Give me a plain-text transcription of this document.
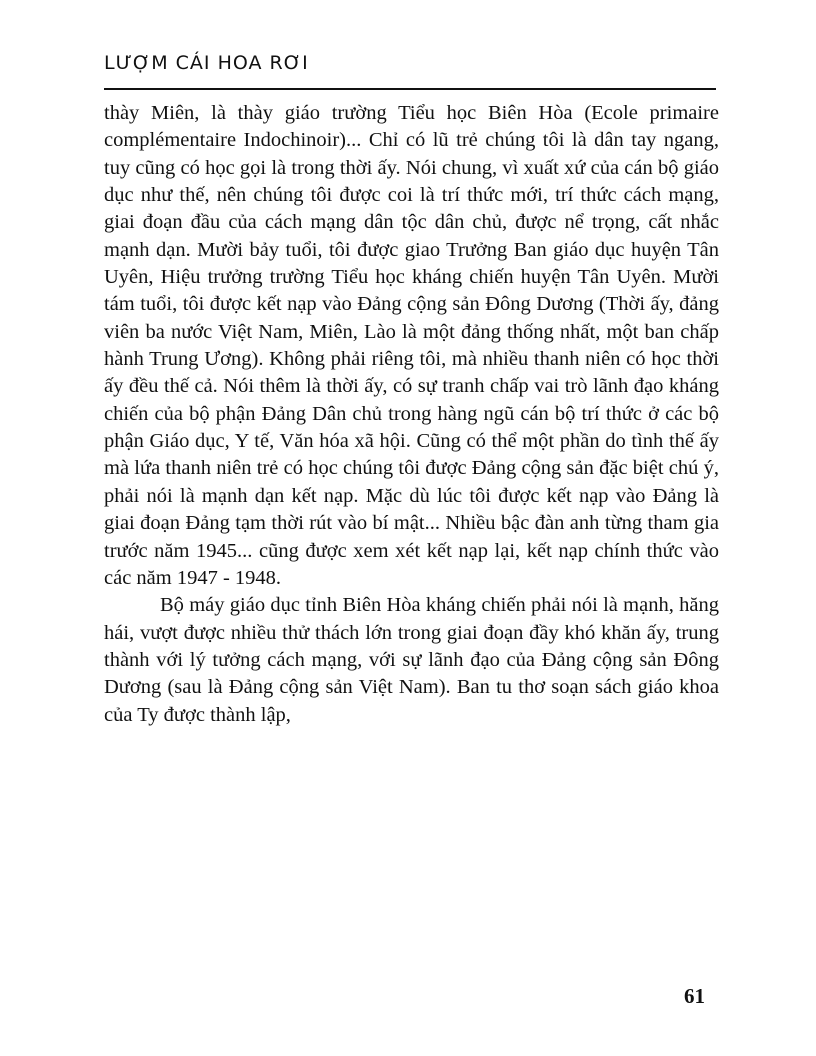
LƯỢM CÁI HOA RƠI

thày Miên, là thày giáo trường Tiểu học Biên Hòa (Ecole primaire complémentaire Indochinoir)... Chỉ có lũ trẻ chúng tôi là dân tay ngang, tuy cũng có học gọi là trong thời ấy. Nói chung, vì xuất xứ của cán bộ giáo dục như thế, nên chúng tôi được coi là trí thức mới, trí thức cách mạng, giai đoạn đầu của cách mạng dân tộc dân chủ, được nể trọng, cất nhắc mạnh dạn. Mười bảy tuổi, tôi được giao Trưởng Ban giáo dục huyện Tân Uyên, Hiệu trưởng trường Tiểu học kháng chiến huyện Tân Uyên. Mười tám tuổi, tôi được kết nạp vào Đảng cộng sản Đông Dương (Thời ấy, đảng viên ba nước Việt Nam, Miên, Lào là một đảng thống nhất, một ban chấp hành Trung Ương). Không phải riêng tôi, mà nhiều thanh niên có học thời ấy đều thế cả. Nói thêm là thời ấy, có sự tranh chấp vai trò lãnh đạo kháng chiến của bộ phận Đảng Dân chủ trong hàng ngũ cán bộ trí thức ở các bộ phận Giáo dục, Y tế, Văn hóa xã hội. Cũng có thể một phần do tình thế ấy mà lứa thanh niên trẻ có học chúng tôi được Đảng cộng sản đặc biệt chú ý, phải nói là mạnh dạn kết nạp. Mặc dù lúc tôi được kết nạp vào Đảng là giai đoạn Đảng tạm thời rút vào bí mật... Nhiều bậc đàn anh từng tham gia trước năm 1945... cũng được xem xét kết nạp lại, kết nạp chính thức vào các năm 1947 - 1948.

Bộ máy giáo dục tỉnh Biên Hòa kháng chiến phải nói là mạnh, hăng hái, vượt được nhiều thử thách lớn trong giai đoạn đầy khó khăn ấy, trung thành với lý tưởng cách mạng, với sự lãnh đạo của Đảng cộng sản Đông Dương (sau là Đảng cộng sản Việt Nam). Ban tu thơ soạn sách giáo khoa của Ty được thành lập,

61
